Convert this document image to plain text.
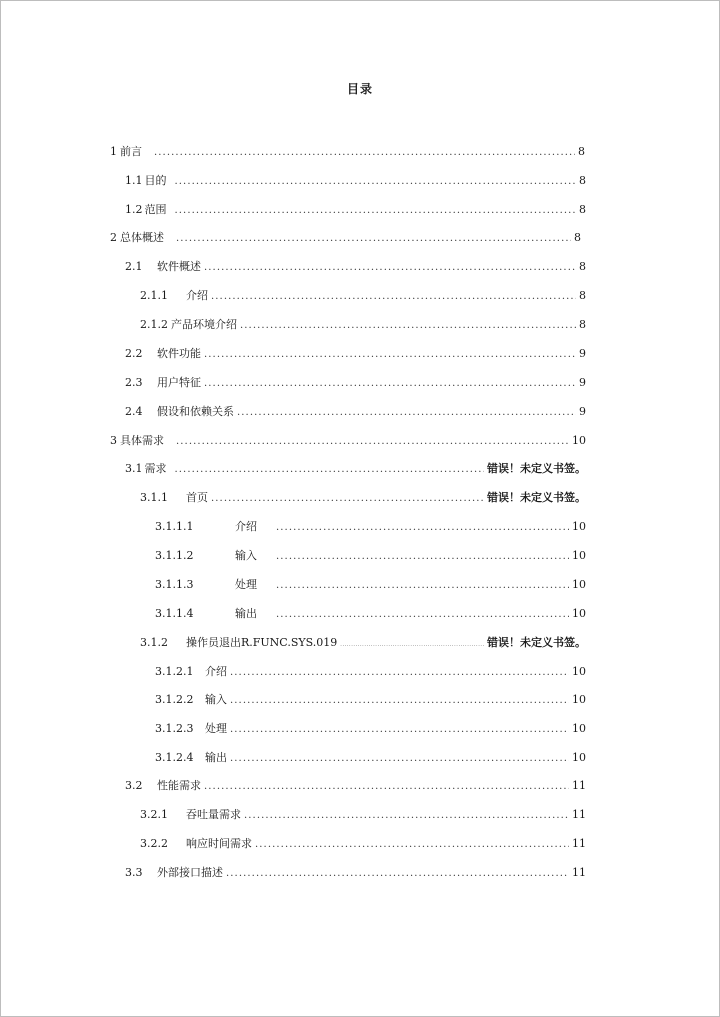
目录
1 前言 .....	8
1.1 目的 .....	8
1.2 范围 .....	8
2 总体概述 .....	8
2.1	软件概述 .....	8
2.1.1	介绍 .....	8
2.1.2 产品环境介绍 .....	8
2.2	软件功能 .....	9
2.3	用户特征 .....	9
2.4	假设和依赖关系 .....	9
3 具体需求 .....	10
3.1 需求 .....	错误！未定义书签。
3.1.1	首页 .....	错误！未定义书签。
3.1.1.1	介绍 .....	10
3.1.1.2	输入 .....	10
3.1.1.3	处理 .....	10
3.1.1.4	输出 .....	10
3.1.2	操作员退出R.FUNC.SYS.019 .....	错误！未定义书签。
3.1.2.1	介绍 .....	10
3.1.2.2	输入 .....	10
3.1.2.3	处理 .....	10
3.1.2.4	输出 .....	10
3.2	性能需求 .....	11
3.2.1	吞吐量需求 .....	11
3.2.2	响应时间需求 .....	11
3.3	外部接口描述 .....	11
